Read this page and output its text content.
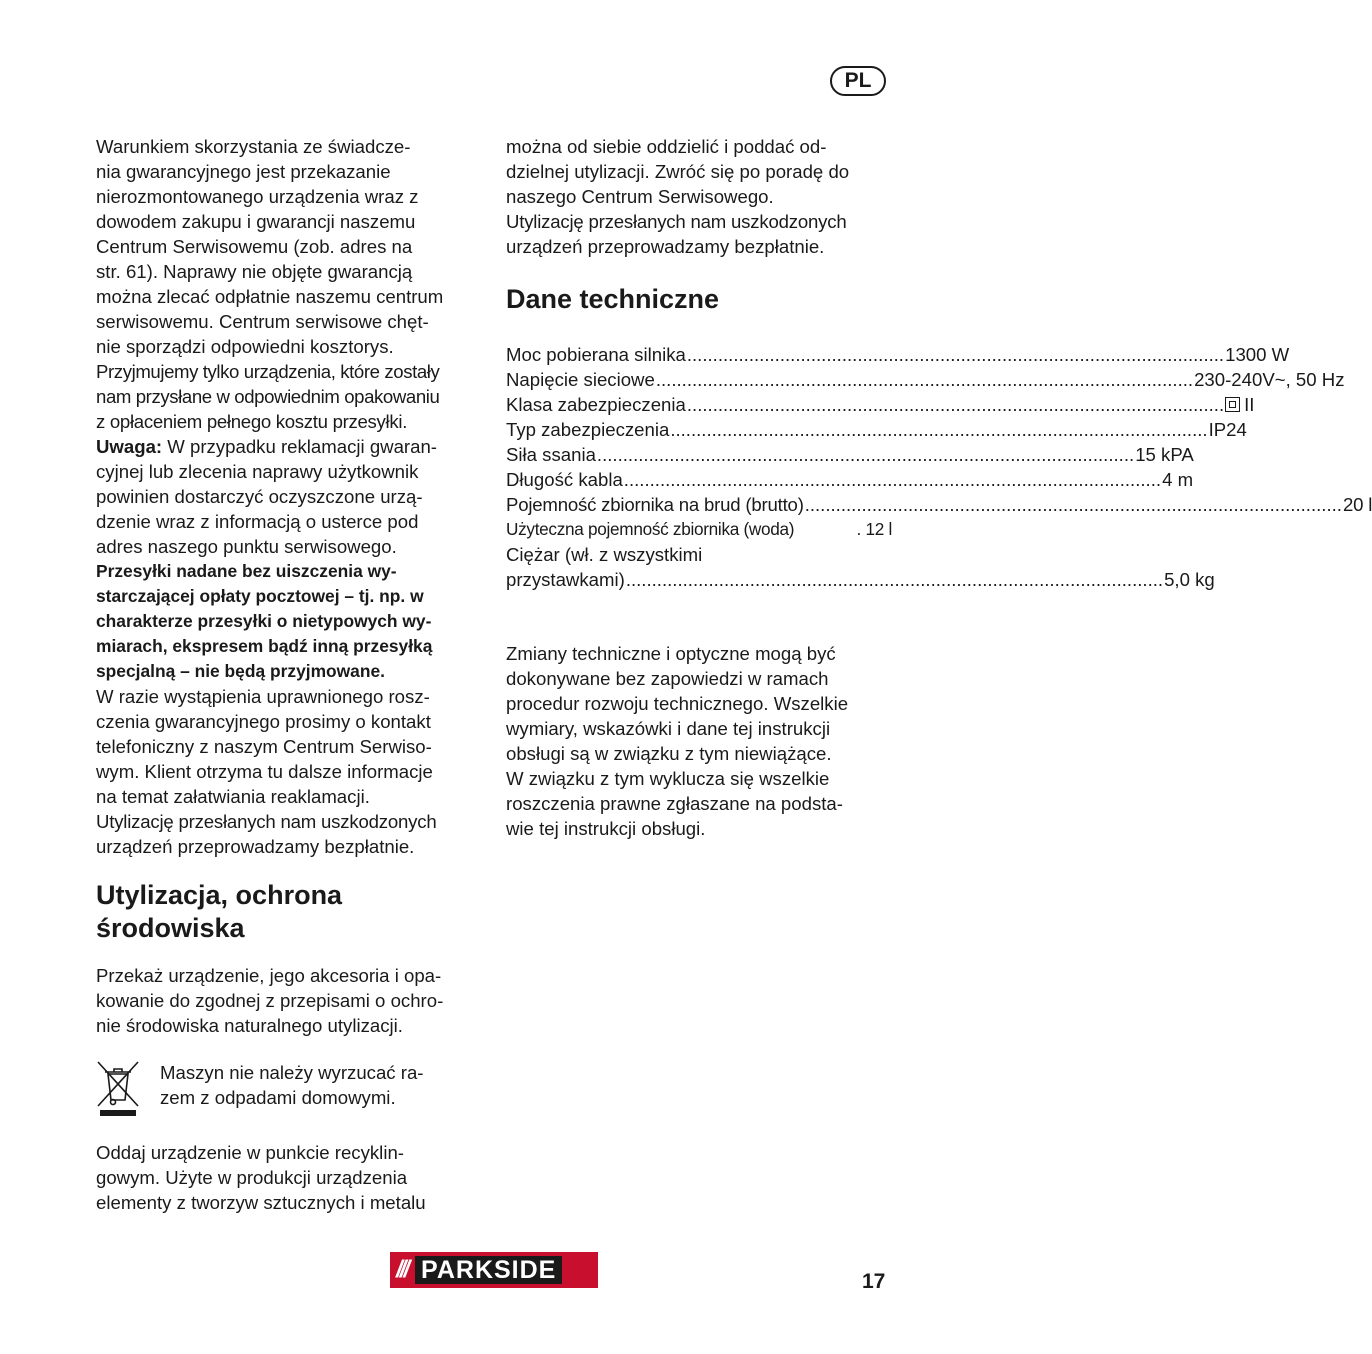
PL
Warunkiem skorzystania ze świadcze-
nia gwarancyjnego jest przekazanie
nierozmontowanego urządzenia wraz z
dowodem zakupu i gwarancji naszemu
Centrum Serwisowemu (zob. adres na
str. 61). Naprawy nie objęte gwarancją
można zlecać odpłatnie naszemu centrum
serwisowemu. Centrum serwisowe chęt-
nie sporządzi odpowiedni kosztorys.
Przyjmujemy tylko urządzenia, które zostały
nam przysłane w odpowiednim opakowaniu
z opłaceniem pełnego kosztu przesyłki.
Uwaga: W przypadku reklamacji gwaran-
cyjnej lub zlecenia naprawy użytkownik
powinien dostarczyć oczyszczone urzą-
dzenie wraz z informacją o usterce pod
adres naszego punktu serwisowego.
Przesyłki nadane bez uiszczenia wy-
starczającej opłaty pocztowej – tj. np. w
charakterze przesyłki o nietypowych wy-
miarach, ekspresem bądź inną przesyłką
specjalną – nie będą przyjmowane.
W razie wystąpienia uprawnionego rosz-
czenia gwarancyjnego prosimy o kontakt
telefoniczny z naszym Centrum Serwiso-
wym. Klient otrzyma tu dalsze informacje
na temat załatwiania reaklamacji.
Utylizację przesłanych nam uszkodzonych
urządzeń przeprowadzamy bezpłatnie.
Utylizacja, ochrona
środowiska
Przekaż urządzenie, jego akcesoria i opa-
kowanie do zgodnej z przepisami o ochro-
nie środowiska naturalnego utylizacji.
Maszyn nie należy wyrzucać ra-
zem z odpadami domowymi.
Oddaj urządzenie w punkcie recyklin-
gowym. Użyte w produkcji urządzenia
elementy z tworzyw sztucznych i metalu
można od siebie oddzielić i poddać od-
dzielnej utylizacji. Zwróć się po poradę do
naszego Centrum Serwisowego.
Utylizację przesłanych nam uszkodzonych
urządzeń przeprowadzamy bezpłatnie.
Dane techniczne
Moc pobierana silnika ........................................................................................................ 1300 W
Napięcie sieciowe ........................................................................................................ 230-240V~, 50 Hz
Klasa zabezpieczenia ........................................................................................................	II
Typ zabezpieczenia ........................................................................................................ IP24
Siła ssania ........................................................................................................ 15 kPA
Długość kabla ........................................................................................................ 4 m
Pojemność zbiornika na brud (brutto) ........................................................................................................ 20 l
Użyteczna pojemność zbiornika (woda)	. 12 l
Ciężar (wł. z wszystkimi
przystawkami) ........................................................................................................ 5,0 kg
Zmiany techniczne i optyczne mogą być
dokonywane bez zapowiedzi w ramach
procedur rozwoju technicznego. Wszelkie
wymiary, wskazówki i dane tej instrukcji
obsługi są w związku z tym niewiążące.
W związku z tym wyklucza się wszelkie
roszczenia prawne zgłaszane na podsta-
wie tej instrukcji obsługi.
/// PARKSIDE	17
